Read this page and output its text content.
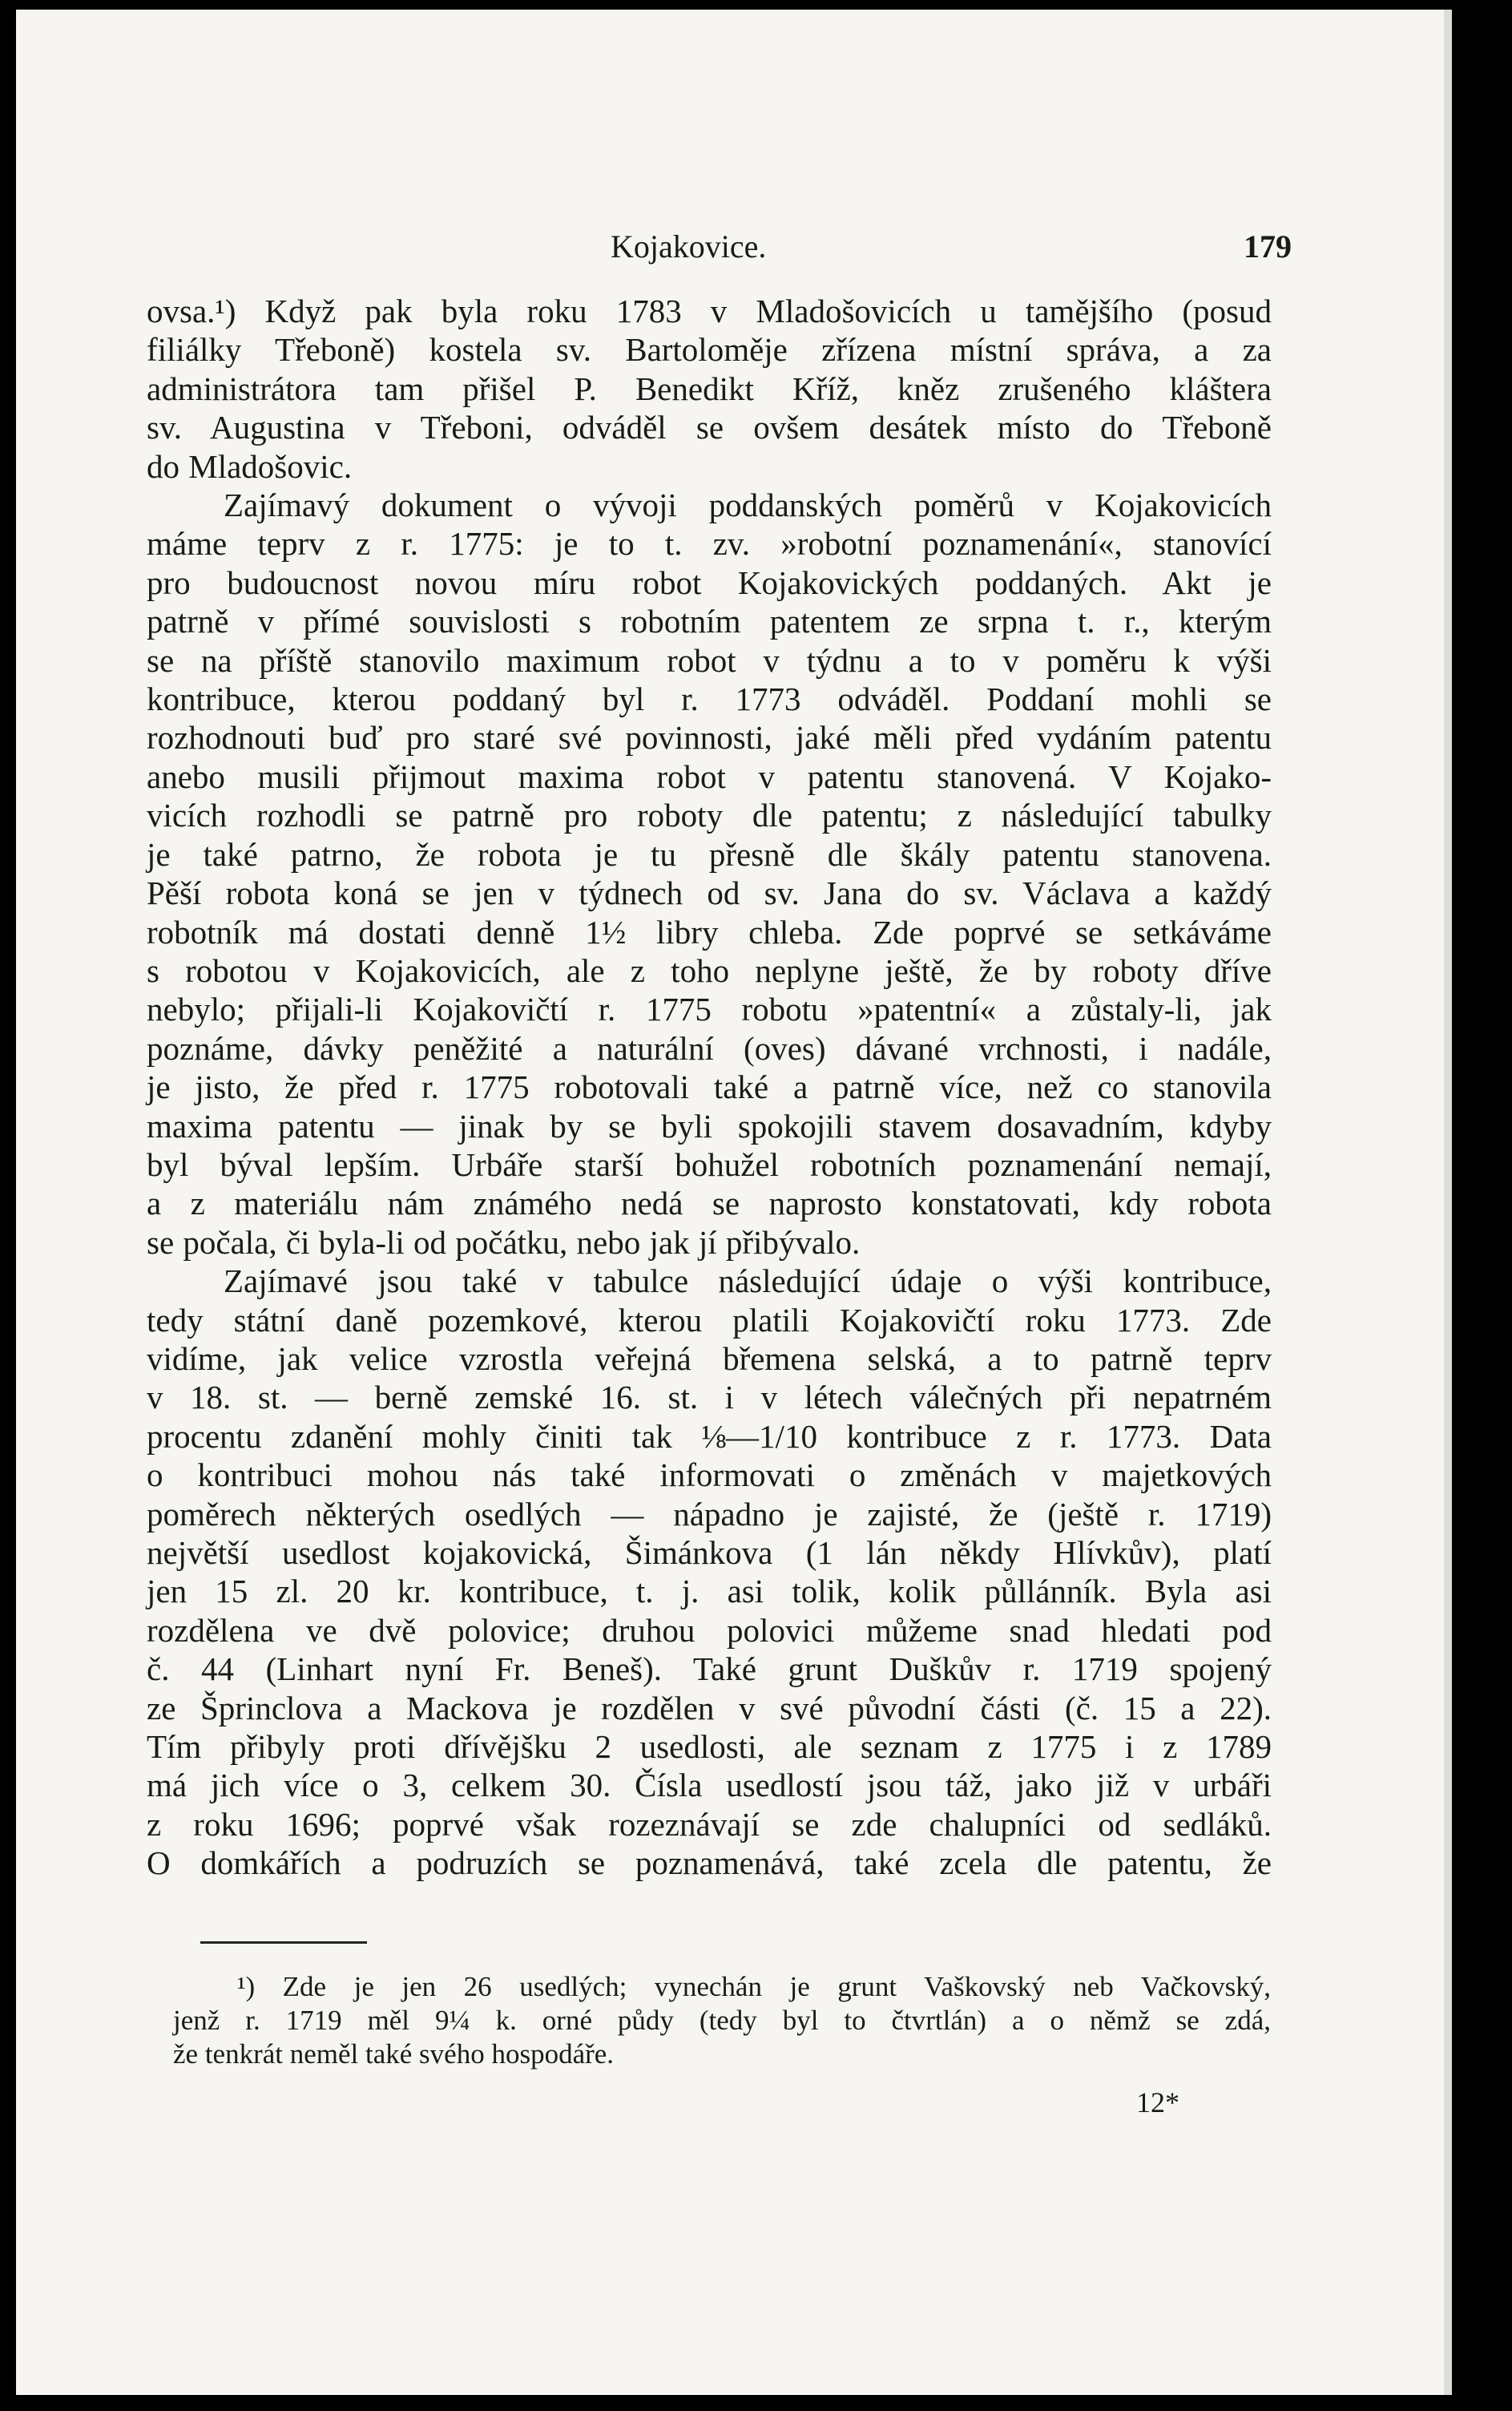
Kojakovice.	179
ovsa.¹) Když pak byla roku 1783 v Mladošovicích u tamějšího (posud
filiálky Třeboně) kostela sv. Bartoloměje zřízena místní správa, a za
administrátora tam přišel P. Benedikt Kříž, kněz zrušeného kláštera
sv. Augustina v Třeboni, odváděl se ovšem desátek místo do Třeboně
do Mladošovic.
Zajímavý dokument o vývoji poddanských poměrů v Kojakovicích
máme teprv z r. 1775: je to t. zv. »robotní poznamenání«, stanovící
pro budoucnost novou míru robot Kojakovických poddaných. Akt je
patrně v přímé souvislosti s robotním patentem ze srpna t. r., kterým
se na příště stanovilo maximum robot v týdnu a to v poměru k výši
kontribuce, kterou poddaný byl r. 1773 odváděl. Poddaní mohli se
rozhodnouti buď pro staré své povinnosti, jaké měli před vydáním patentu
anebo musili přijmout maxima robot v patentu stanovená. V Kojako-
vicích rozhodli se patrně pro roboty dle patentu; z následující tabulky
je také patrno, že robota je tu přesně dle škály patentu stanovena.
Pěší robota koná se jen v týdnech od sv. Jana do sv. Václava a každý
robotník má dostati denně 1½ libry chleba. Zde poprvé se setkáváme
s robotou v Kojakovicích, ale z toho neplyne ještě, že by roboty dříve
nebylo; přijali-li Kojakovičtí r. 1775 robotu »patentní« a zůstaly-li, jak
poznáme, dávky peněžité a naturální (oves) dávané vrchnosti, i nadále,
je jisto, že před r. 1775 robotovali také a patrně více, než co stanovila
maxima patentu — jinak by se byli spokojili stavem dosavadním, kdyby
byl býval lepším. Urbáře starší bohužel robotních poznamenání nemají,
a z materiálu nám známého nedá se naprosto konstatovati, kdy robota
se počala, či byla-li od počátku, nebo jak jí přibývalo.
Zajímavé jsou také v tabulce následující údaje o výši kontribuce,
tedy státní daně pozemkové, kterou platili Kojakovičtí roku 1773. Zde
vidíme, jak velice vzrostla veřejná břemena selská, a to patrně teprv
v 18. st. — berně zemské 16. st. i v létech válečných při nepatrném
procentu zdanění mohly činiti tak ⅛—1/10 kontribuce z r. 1773. Data
o kontribuci mohou nás také informovati o změnách v majetkových
poměrech některých osedlých — nápadno je zajisté, že (ještě r. 1719)
největší usedlost kojakovická, Šimánkova (1 lán někdy Hlívkův), platí
jen 15 zl. 20 kr. kontribuce, t. j. asi tolik, kolik půllánník. Byla asi
rozdělena ve dvě polovice; druhou polovici můžeme snad hledati pod
č. 44 (Linhart nyní Fr. Beneš). Také grunt Duškův r. 1719 spojený
ze Šprinclova a Mackova je rozdělen v své původní části (č. 15 a 22).
Tím přibyly proti dřívějšku 2 usedlosti, ale seznam z 1775 i z 1789
má jich více o 3, celkem 30. Čísla usedlostí jsou táž, jako již v urbáři
z roku 1696; poprvé však rozeznávají se zde chalupníci od sedláků.
O domkářích a podruzích se poznamenává, také zcela dle patentu, že
¹) Zde je jen 26 usedlých; vynechán je grunt Vaškovský neb Vačkovský,
jenž r. 1719 měl 9¼ k. orné půdy (tedy byl to čtvrtlán) a o němž se zdá,
že tenkrát neměl také svého hospodáře.
12*
